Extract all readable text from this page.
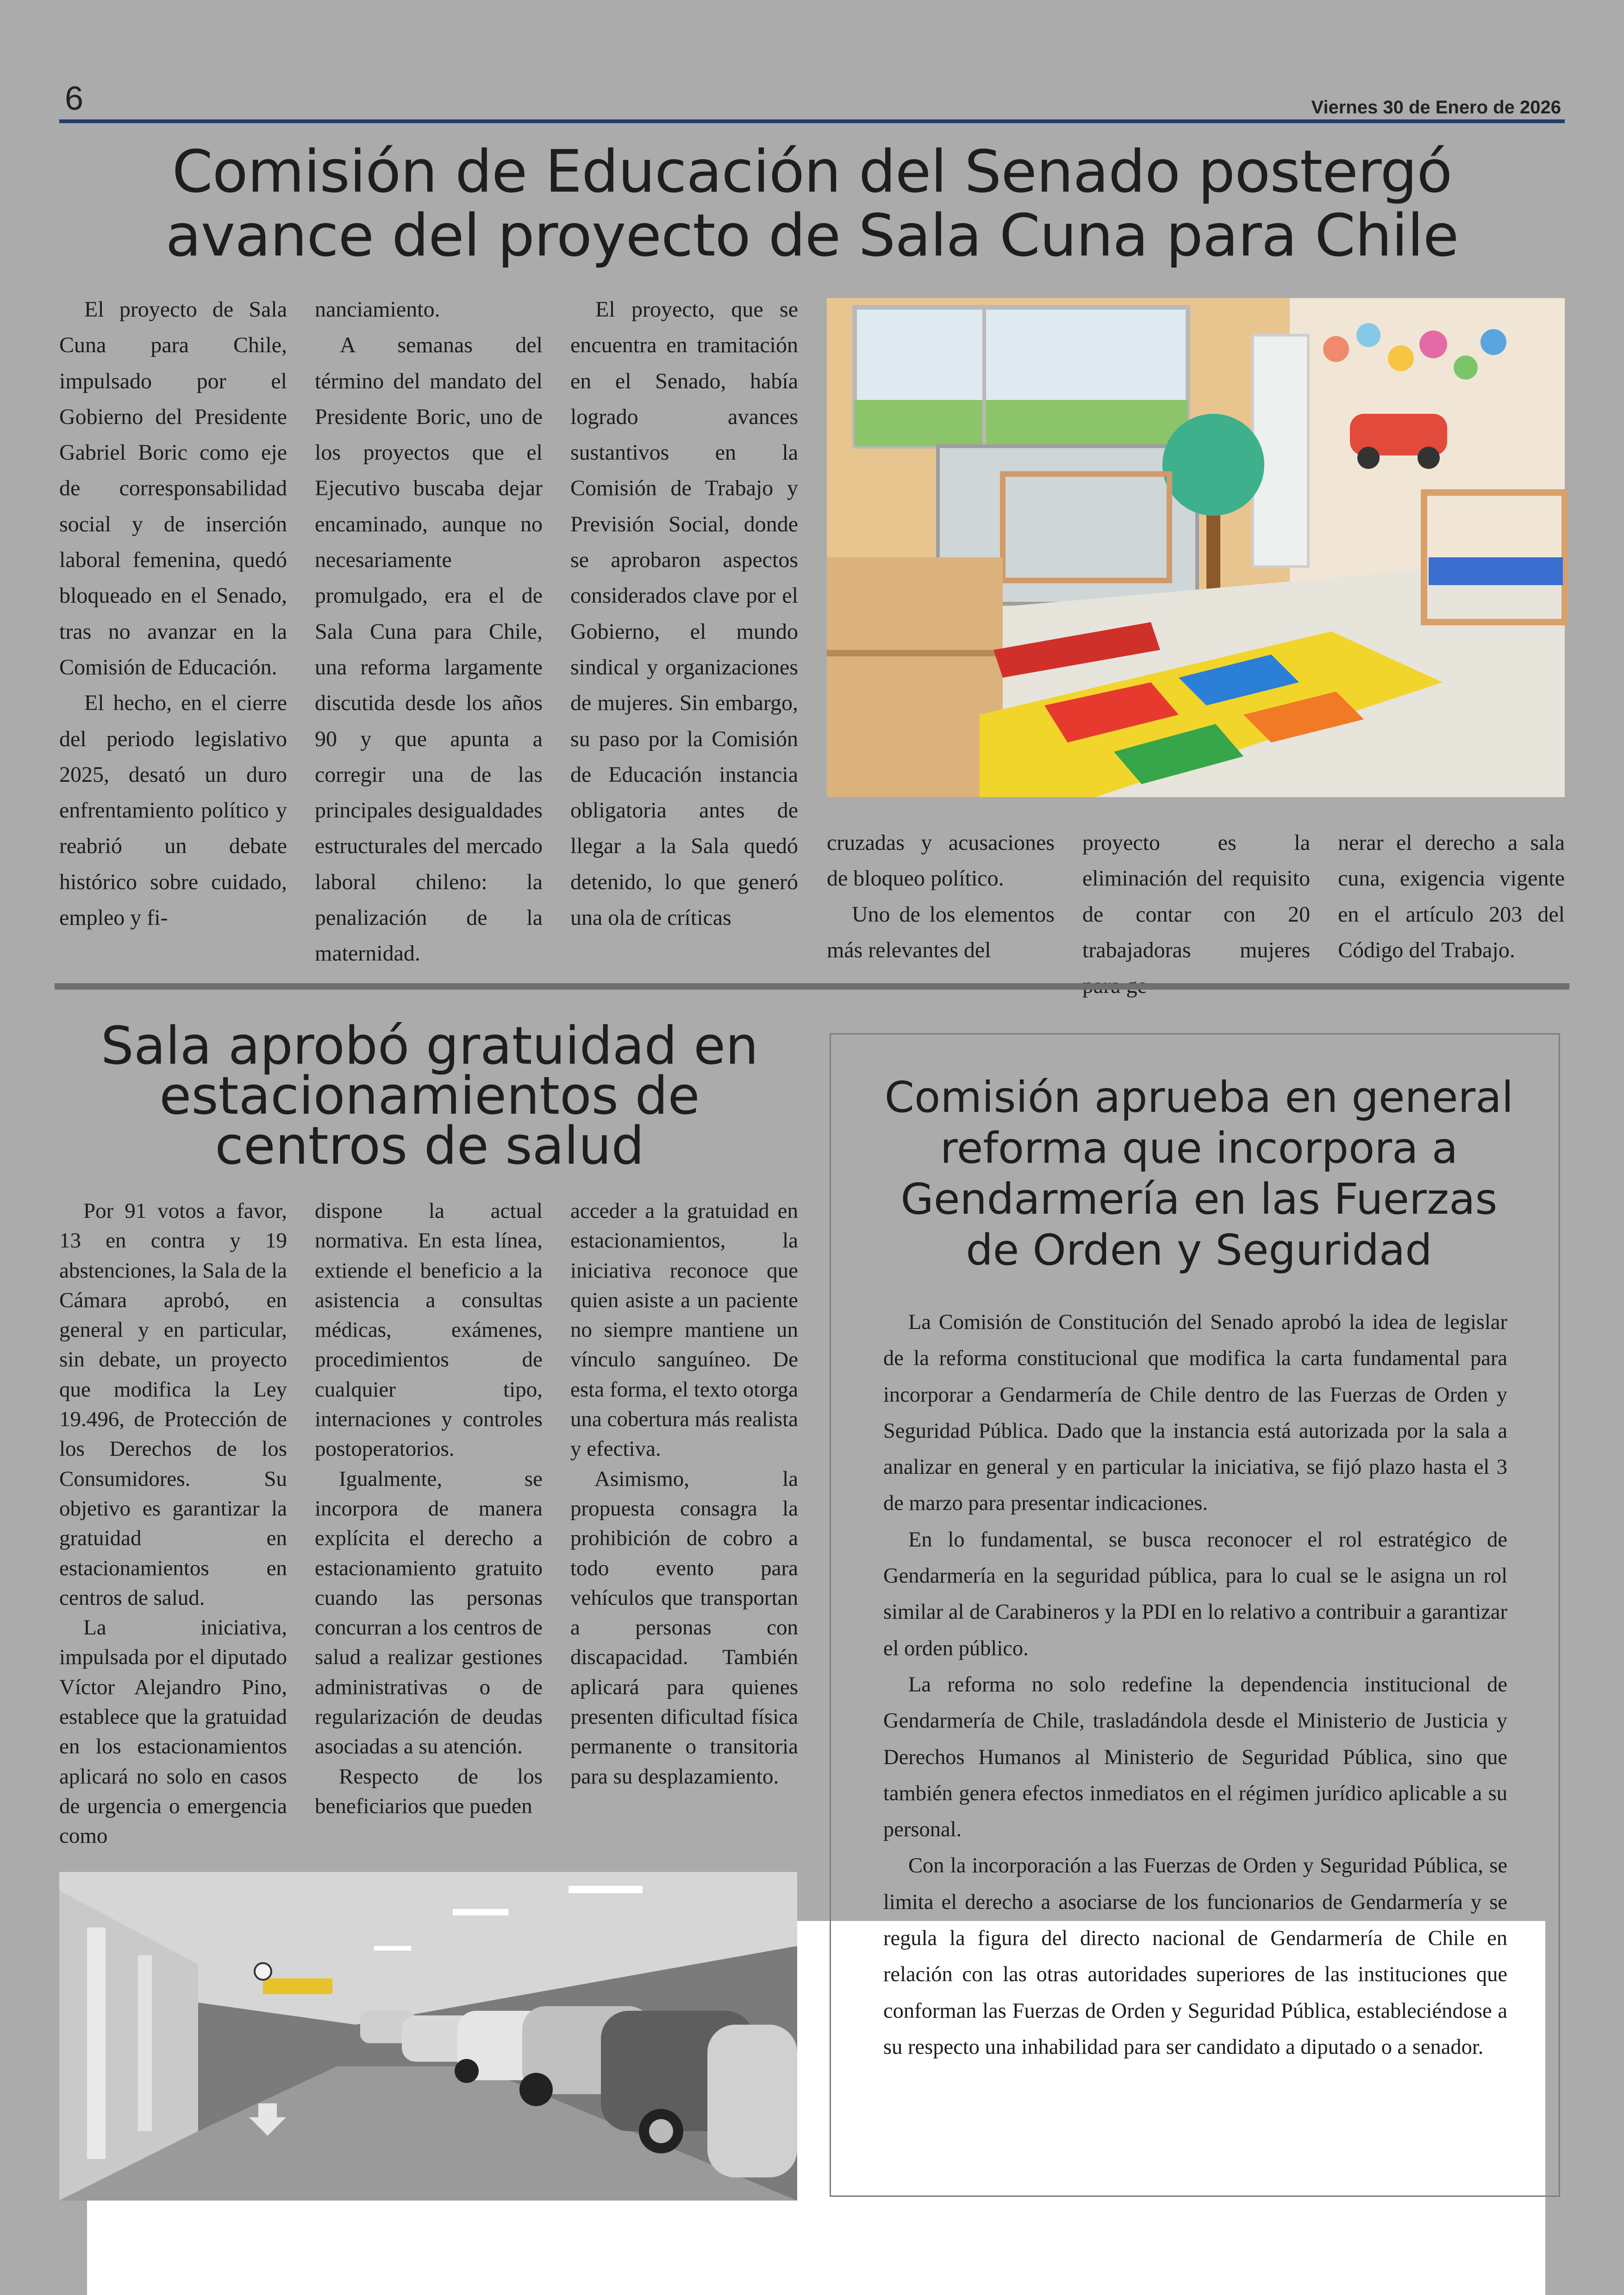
6	Viernes 30 de Enero de 2026
Comisión de Educación del Senado postergó
avance del proyecto de Sala Cuna para Chile

El proyecto de Sala Cuna para Chile, impulsado por el Gobierno del Presidente Gabriel Boric como eje de corresponsabilidad social y de inserción laboral femenina, quedó bloqueado en el Senado, tras no avanzar en la Comisión de Educación.

El hecho, en el cierre del periodo legislativo 2025, desató un duro enfrentamiento político y reabrió un debate histórico sobre cuidado, empleo y fi-

nanciamiento.

A semanas del término del mandato del Presidente Boric, uno de los proyectos que el Ejecutivo buscaba dejar encaminado, aunque no necesariamente promulgado, era el de Sala Cuna para Chile, una reforma largamente discutida desde los años 90 y que apunta a corregir una de las principales desigualdades estructurales del mercado laboral chileno: la penalización de la maternidad.

El proyecto, que se encuentra en tramitación en el Senado, había logrado avances sustantivos en la Comisión de Trabajo y Previsión Social, donde se aprobaron aspectos considerados clave por el Gobierno, el mundo sindical y organizaciones de mujeres. Sin embargo, su paso por la Comisión de Educación instancia obligatoria antes de llegar a la Sala quedó detenido, lo que generó una ola de críticas

cruzadas y acusaciones de bloqueo político.

Uno de los elementos más relevantes del

proyecto es la eliminación del requisito de contar con 20 trabajadoras mujeres

nerar el derecho a sala cuna, exigencia vigente en el artículo 203 del Código del Trabajo.

Sala aprobó gratuidad en
estacionamientos de
centros de salud

Por 91 votos a favor, 13 en contra y 19 abstenciones, la Sala de la Cámara aprobó, en general y en particular, sin debate, un proyecto que modifica la Ley 19.496, de Protección de los Derechos de los Consumidores. Su objetivo es garantizar la gratuidad en estacionamientos en centros de salud.

La iniciativa, impulsada por el diputado Víctor Alejandro Pino, establece que la gratuidad en los estacionamientos aplicará no solo en casos de urgencia o emergencia como

dispone la actual normativa. En esta línea, extiende el beneficio a la asistencia a consultas médicas, exámenes, procedimientos de cualquier tipo, internaciones y controles postoperatorios.

Igualmente, se incorpora de manera explícita el derecho a estacionamiento gratuito cuando las personas concurran a los centros de salud a realizar gestiones administrativas o de regularización de deudas asociadas a su atención.

Respecto de los beneficiarios que pueden

acceder a la gratuidad en estacionamientos, la iniciativa reconoce que quien asiste a un paciente no siempre mantiene un vínculo sanguíneo. De esta forma, el texto otorga una cobertura más realista y efectiva.

Asimismo, la propuesta consagra la prohibición de cobro a todo evento para vehículos que transportan a personas con discapacidad. También aplicará para quienes presenten dificultad física permanente o transitoria para su desplazamiento.

Comisión aprueba en general
reforma que incorpora a
Gendarmería en las Fuerzas
de Orden y Seguridad

La Comisión de Constitución del Senado aprobó la idea de legislar de la reforma constitucional que modifica la carta fundamental para incorporar a Gendarmería de Chile dentro de las Fuerzas de Orden y Seguridad Pública. Dado que la instancia está autorizada por la sala a analizar en general y en particular la iniciativa, se fijó plazo hasta el 3 de marzo para presentar indicaciones.

En lo fundamental, se busca reconocer el rol estratégico de Gendarmería en la seguridad pública, para lo cual se le asigna un rol similar al de Carabineros y la PDI en lo relativo a contribuir a garantizar el orden público.

La reforma no solo redefine la dependencia institucional de Gendarmería de Chile, trasladándola desde el Ministerio de Justicia y Derechos Humanos al Ministerio de Seguridad Pública, sino que también genera efectos inmediatos en el régimen jurídico aplicable a su personal.

Con la incorporación a las Fuerzas de Orden y Seguridad Pública, se limita el derecho a asociarse de los funcionarios de Gendarmería y se regula la figura del directo nacional de Gendarmería de Chile en relación con las otras autoridades superiores de las instituciones que conforman las Fuerzas de Orden y Seguridad Pública, estableciéndose a su respecto una inhabilidad para ser candidato a diputado o a senador.
